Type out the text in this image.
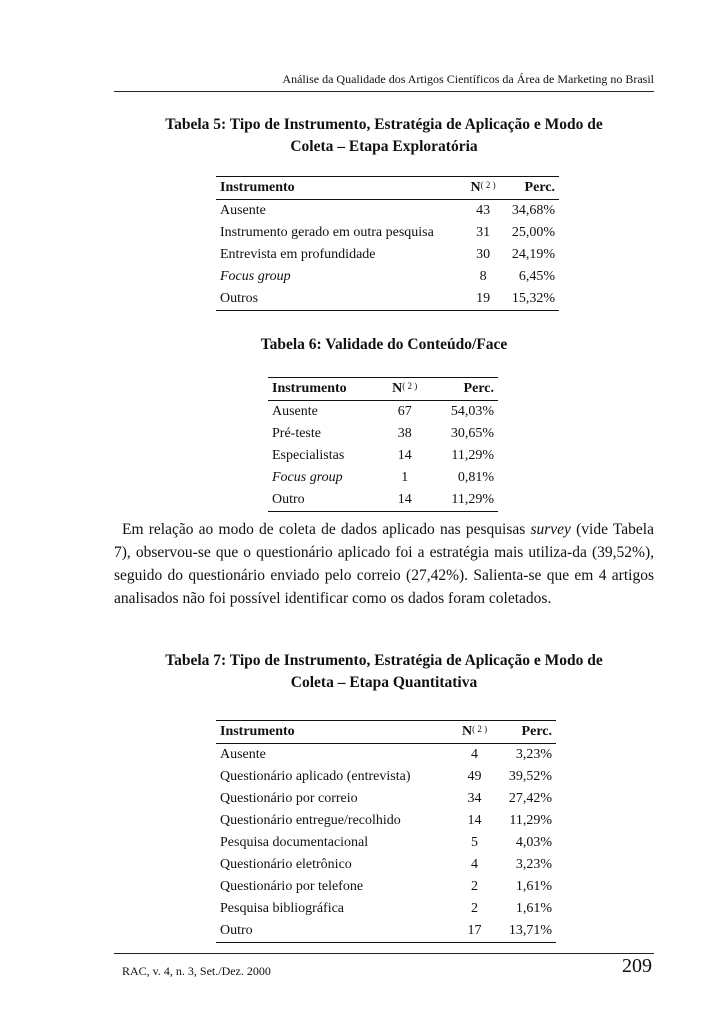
Análise da Qualidade dos Artigos Científicos da Área de Marketing no Brasil
Tabela 5: Tipo de Instrumento, Estratégia de Aplicação e Modo de
Coleta – Etapa Exploratória
Instrumento	$N^{( 2 )}$	Perc.
Ausente	43	34,68%
Instrumento gerado em outra pesquisa	31	25,00%
Entrevista em profundidade	30	24,19%
Focus group	8	6,45%
Outros	19	15,32%
Tabela 6: Validade do Conteúdo/Face
Instrumento	$N^{( 2 )}$	Perc.
Ausente	67	54,03%
Pré-teste	38	30,65%
Especialistas	14	11,29%
Focus group	1	0,81%
Outro	14	11,29%
Em relação ao modo de coleta de dados aplicado nas pesquisas survey (vide Tabela 7), observou-se que o questionário aplicado foi a estratégia mais utiliza-da (39,52%), seguido do questionário enviado pelo correio (27,42%). Salienta-se que em 4 artigos analisados não foi possível identificar como os dados foram coletados.
Tabela 7: Tipo de Instrumento, Estratégia de Aplicação e Modo de
Coleta – Etapa Quantitativa
Instrumento	$N^{( 2 )}$	Perc.
Ausente	4	3,23%
Questionário aplicado (entrevista)	49	39,52%
Questionário por correio	34	27,42%
Questionário entregue/recolhido	14	11,29%
Pesquisa documentacional	5	4,03%
Questionário eletrônico	4	3,23%
Questionário por telefone	2	1,61%
Pesquisa bibliográfica	2	1,61%
Outro	17	13,71%
RAC, v. 4, n. 3, Set./Dez. 2000	209
